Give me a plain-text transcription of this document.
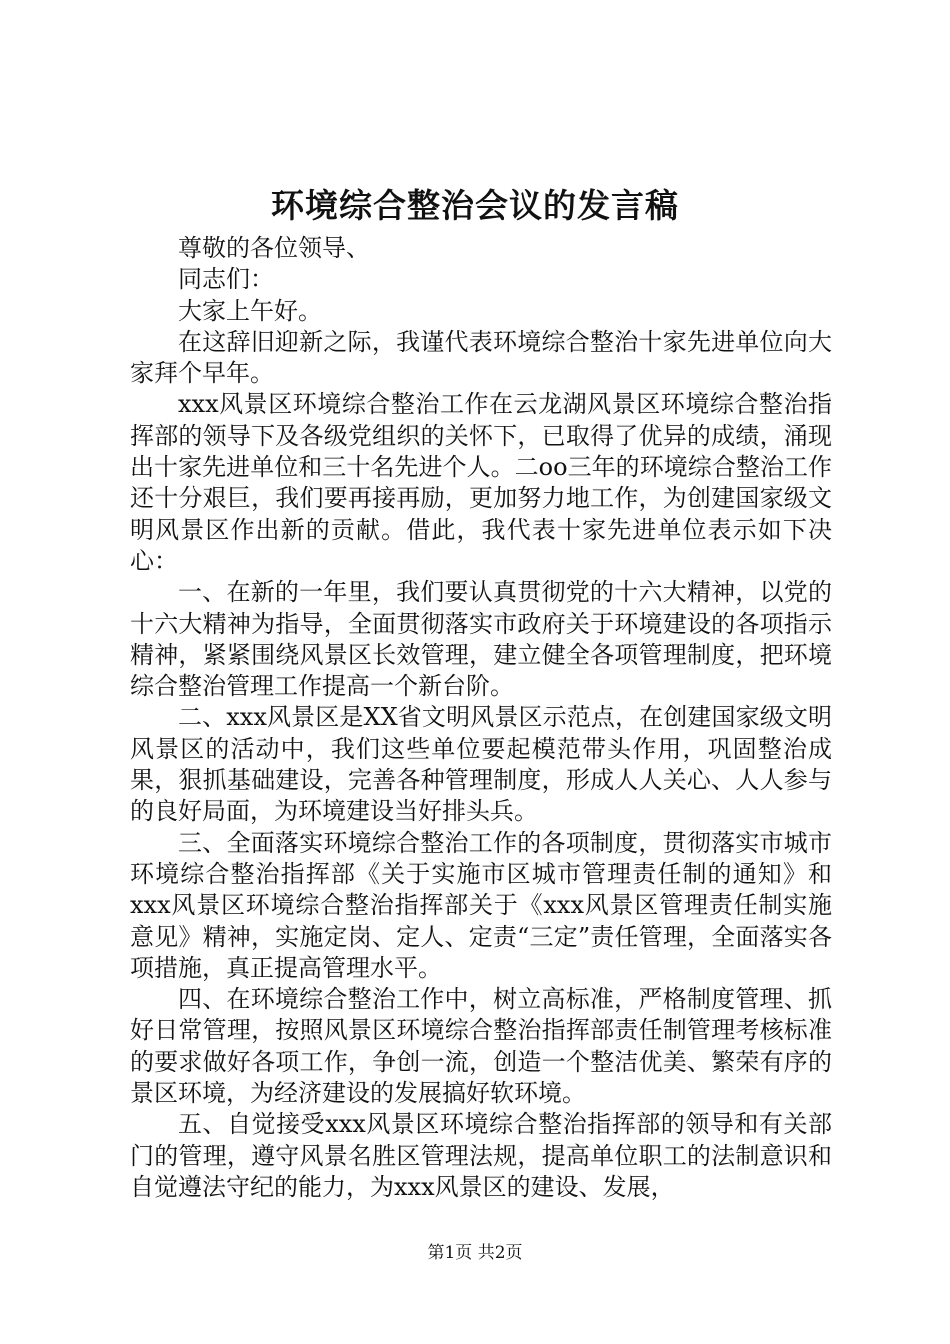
环境综合整治会议的发言稿

尊敬的各位领导、

同志们：

大家上午好。

在这辞旧迎新之际，我谨代表环境综合整治十家先进单位向大家拜个早年。

xxx风景区环境综合整治工作在云龙湖风景区环境综合整治指挥部的领导下及各级党组织的关怀下，已取得了优异的成绩，涌现出十家先进单位和三十名先进个人。二oo三年的环境综合整治工作还十分艰巨，我们要再接再励，更加努力地工作，为创建国家级文明风景区作出新的贡献。借此，我代表十家先进单位表示如下决心：

一、在新的一年里，我们要认真贯彻党的十六大精神，以党的十六大精神为指导，全面贯彻落实市政府关于环境建设的各项指示精神，紧紧围绕风景区长效管理，建立健全各项管理制度，把环境综合整治管理工作提高一个新台阶。

二、xxx风景区是XX省文明风景区示范点，在创建国家级文明风景区的活动中，我们这些单位要起模范带头作用，巩固整治成果，狠抓基础建设，完善各种管理制度，形成人人关心、人人参与的良好局面，为环境建设当好排头兵。

三、全面落实环境综合整治工作的各项制度，贯彻落实市城市环境综合整治指挥部《关于实施市区城市管理责任制的通知》和xxx风景区环境综合整治指挥部关于《xxx风景区管理责任制实施意见》精神，实施定岗、定人、定责“三定”责任管理，全面落实各项措施，真正提高管理水平。

四、在环境综合整治工作中，树立高标准，严格制度管理、抓好日常管理，按照风景区环境综合整治指挥部责任制管理考核标准的要求做好各项工作，争创一流，创造一个整洁优美、繁荣有序的景区环境，为经济建设的发展搞好软环境。

五、自觉接受xxx风景区环境综合整治指挥部的领导和有关部门的管理，遵守风景名胜区管理法规，提高单位职工的法制意识和自觉遵法守纪的能力，为xxx风景区的建设、发展，

第1页 共2页
